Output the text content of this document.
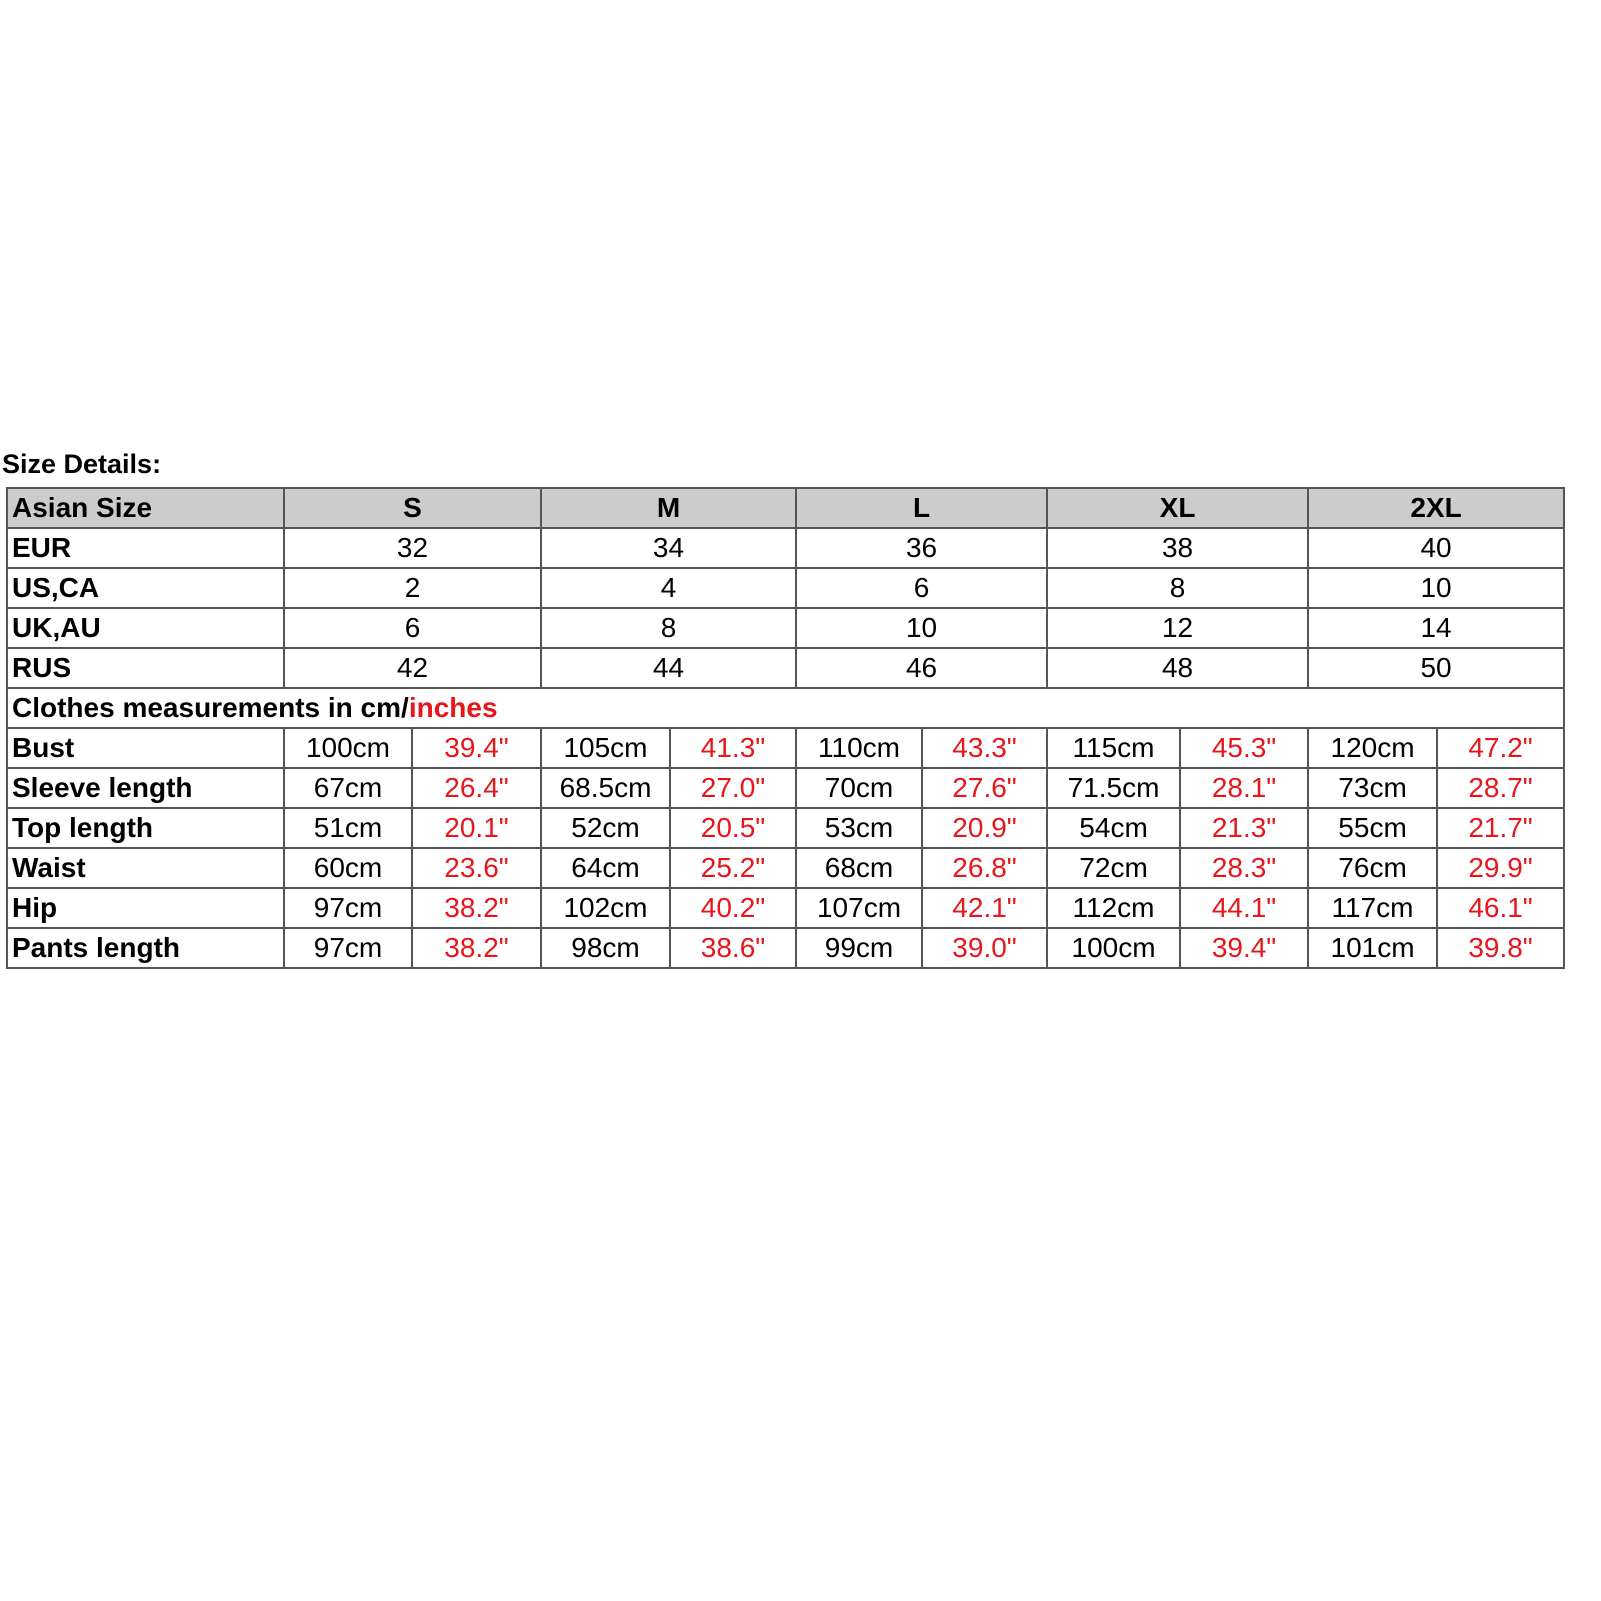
Size Details:
Asian Size	S		M		L		XL		2XL	
EUR	32		34		36		38		40	
US,CA	2		4		6		8		10	
UK,AU	6		8		10		12		14	
RUS	42		44		46		48		50	
Clothes measurements in cm/inches										
Bust	100cm	39.4"	105cm	41.3"	110cm	43.3"	115cm	45.3"	120cm	47.2"
Sleeve length	67cm	26.4"	68.5cm	27.0"	70cm	27.6"	71.5cm	28.1"	73cm	28.7"
Top length	51cm	20.1"	52cm	20.5"	53cm	20.9"	54cm	21.3"	55cm	21.7"
Waist	60cm	23.6"	64cm	25.2"	68cm	26.8"	72cm	28.3"	76cm	29.9"
Hip	97cm	38.2"	102cm	40.2"	107cm	42.1"	112cm	44.1"	117cm	46.1"
Pants length	97cm	38.2"	98cm	38.6"	99cm	39.0"	100cm	39.4"	101cm	39.8"
